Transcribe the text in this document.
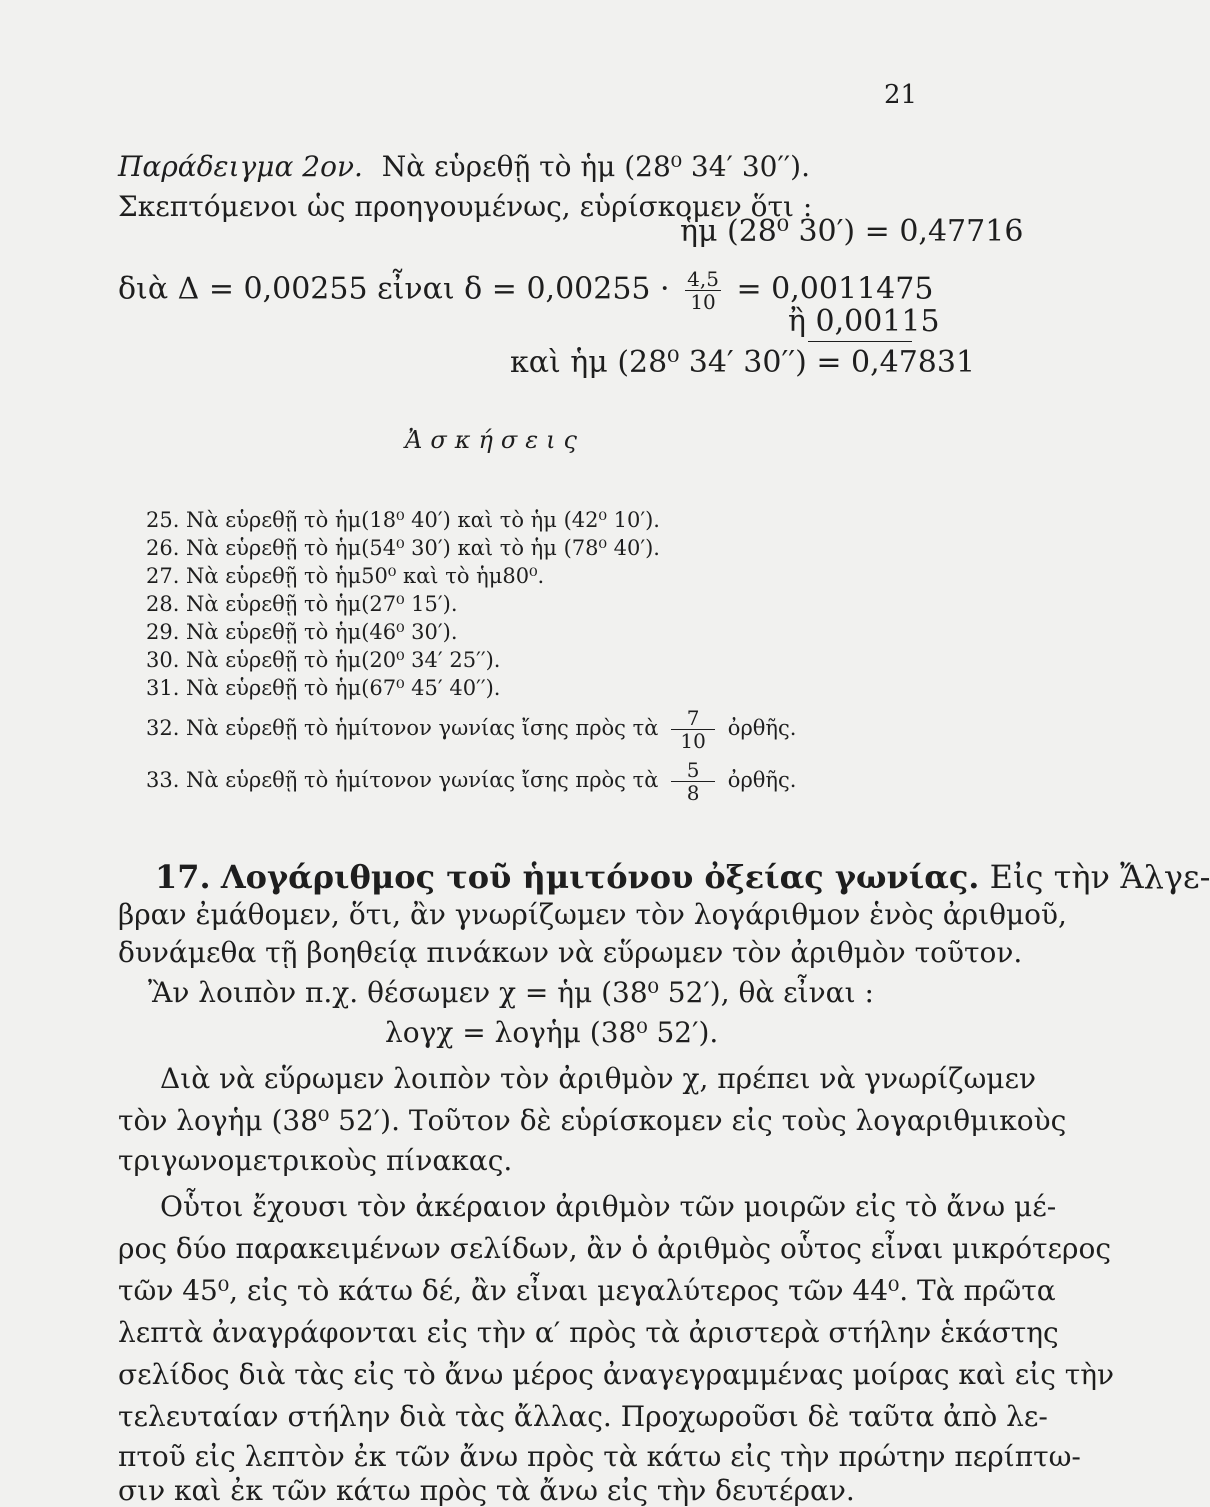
21
Παράδειγμα 2ον. Νὰ εὑρεθῇ τὸ ἡμ (28⁰ 34′ 30′′).
Σκεπτόμενοι ὡς προηγουμένως, εὑρίσκομεν ὅτι :
ἡμ (28⁰ 30′) = 0,47716
διὰ Δ = 0,00255 εἶναι $\delta = 0,00255 \cdot \frac{4,5}{10} = 0,0011475$
ἢ 0,00115
καὶ ἡμ (28⁰ 34′ 30′′) = 0,47831
Ἀσκήσεις
25. Νὰ εὑρεθῇ τὸ ἡμ(18⁰ 40′) καὶ τὸ ἡμ (42⁰ 10′).
26. Νὰ εὑρεθῇ τὸ ἡμ(54⁰ 30′) καὶ τὸ ἡμ (78⁰ 40′).
27. Νὰ εὑρεθῇ τὸ ἡμ50⁰ καὶ τὸ ἡμ80⁰.
28. Νὰ εὑρεθῇ τὸ ἡμ(27⁰ 15′).
29. Νὰ εὑρεθῇ τὸ ἡμ(46⁰ 30′).
30. Νὰ εὑρεθῇ τὸ ἡμ(20⁰ 34′ 25′′).
31. Νὰ εὑρεθῇ τὸ ἡμ(67⁰ 45′ 40′′).
32. Νὰ εὑρεθῇ τὸ ἡμίτονον γωνίας ἴσης πρὸς τὰ $\frac{7}{10}$ ὀρθῆς.
33. Νὰ εὑρεθῇ τὸ ἡμίτονον γωνίας ἴσης πρὸς τὰ $\frac{5}{8}$ ὀρθῆς.
17. Λογάριθμος τοῦ ἡμιτόνου ὀξείας γωνίας. Εἰς τὴν Ἄλγε-
βραν ἐμάθομεν, ὅτι, ἂν γνωρίζωμεν τὸν λογάριθμον ἑνὸς ἀριθμοῦ,
δυνάμεθα τῇ βοηθείᾳ πινάκων νὰ εὕρωμεν τὸν ἀριθμὸν τοῦτον.
Ἂν λοιπὸν π.χ. θέσωμεν χ = ἡμ (38⁰ 52′), θὰ εἶναι :
λογχ = λογἡμ (38⁰ 52′).
Διὰ νὰ εὕρωμεν λοιπὸν τὸν ἀριθμὸν χ, πρέπει νὰ γνωρίζωμεν
τὸν λογἡμ (38⁰ 52′). Τοῦτον δὲ εὑρίσκομεν εἰς τοὺς λογαριθμικοὺς
τριγωνομετρικοὺς πίνακας.
Οὗτοι ἔχουσι τὸν ἀκέραιον ἀριθμὸν τῶν μοιρῶν εἰς τὸ ἄνω μέ-
ρος δύο παρακειμένων σελίδων, ἂν ὁ ἀριθμὸς οὗτος εἶναι μικρότερος
τῶν 45⁰, εἰς τὸ κάτω δέ, ἂν εἶναι μεγαλύτερος τῶν 44⁰. Τὰ πρῶτα
λεπτὰ ἀναγράφονται εἰς τὴν α′ πρὸς τὰ ἀριστερὰ στήλην ἑκάστης
σελίδος διὰ τὰς εἰς τὸ ἄνω μέρος ἀναγεγραμμένας μοίρας καὶ εἰς τὴν
τελευταίαν στήλην διὰ τὰς ἄλλας. Προχωροῦσι δὲ ταῦτα ἀπὸ λε-
πτοῦ εἰς λεπτὸν ἐκ τῶν ἄνω πρὸς τὰ κάτω εἰς τὴν πρώτην περίπτω-
σιν καὶ ἐκ τῶν κάτω πρὸς τὰ ἄνω εἰς τὴν δευτέραν.
